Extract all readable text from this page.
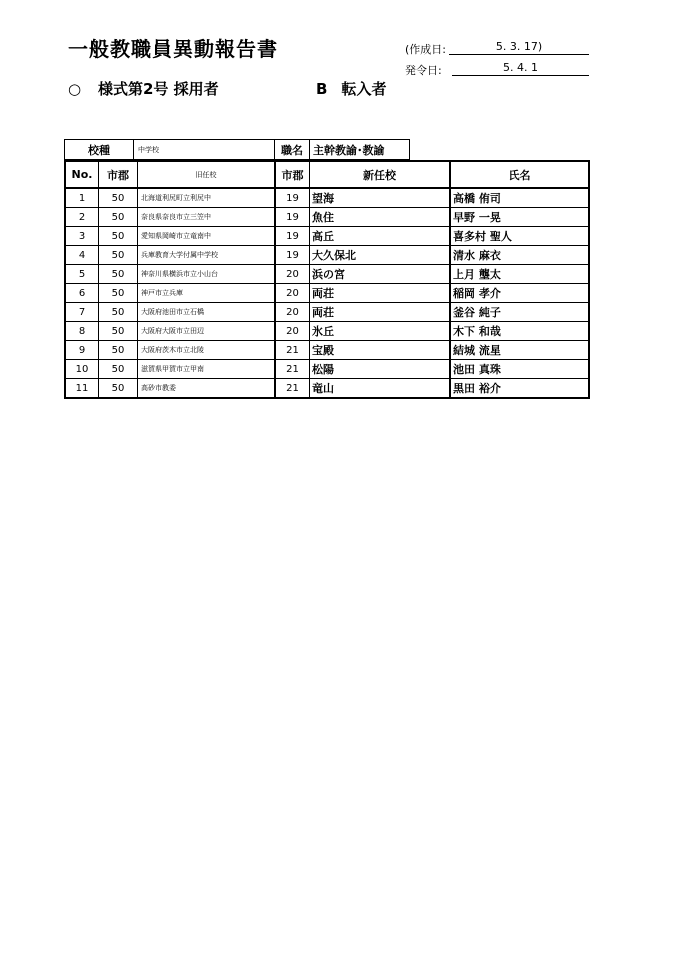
一般教職員異動報告書	(作成日:	5. 3. 17)
発令日:	5. 4. 1
○ 様式第2号 採用者	B 転入者
校種	中学校	職名	主幹教諭･教諭
No.	市郡	旧任校	市郡	新任校	氏名
1	50	北海道利尻町立利尻中	19	望海	高橋 侑司
2	50	奈良県奈良市立三笠中	19	魚住	早野 一晃
3	50	愛知県岡崎市立竜南中	19	高丘	喜多村 聖人
4	50	兵庫教育大学付属中学校	19	大久保北	清水 麻衣
5	50	神奈川県横浜市立小山台	20	浜の宮	上月 壟太
6	50	神戸市立兵庫	20	両荘	稲岡 孝介
7	50	大阪府池田市立石橋	20	両荘	釜谷 純子
8	50	大阪府大阪市立田辺	20	氷丘	木下 和哉
9	50	大阪府茨木市立北陵	21	宝殿	結城 流星
10	50	滋賀県甲賀市立甲南	21	松陽	池田 真珠
11	50	高砂市教委	21	竜山	黒田 裕介
